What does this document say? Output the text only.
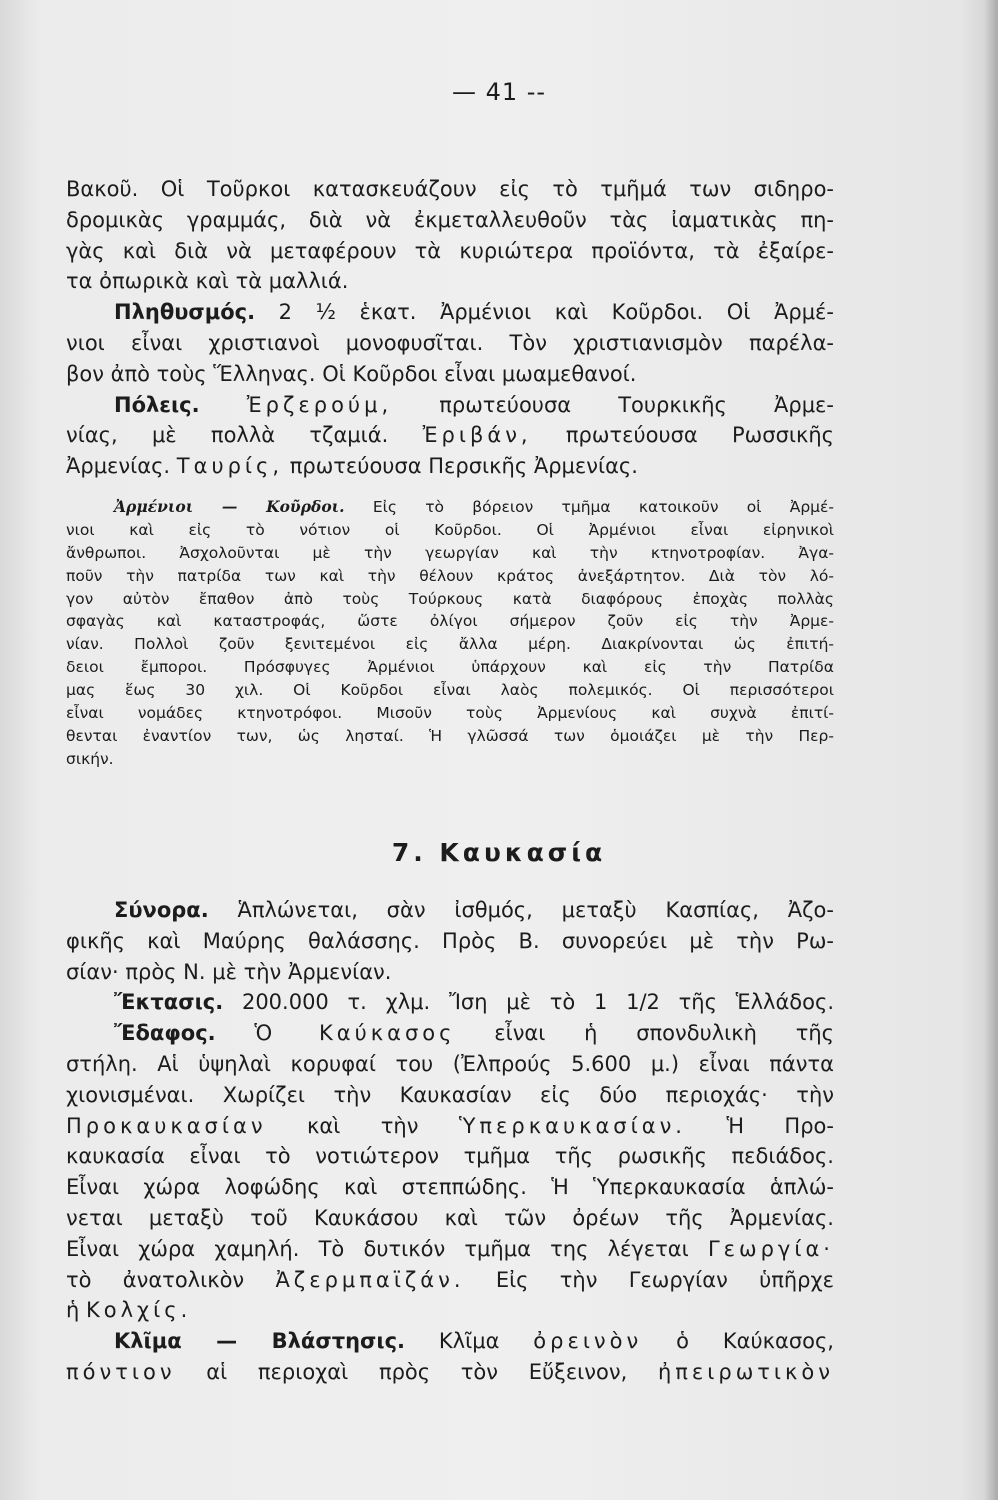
— 41 --
Βακοῦ. Οἱ Τοῦρκοι κατασκευάζουν εἰς τὸ τμῆμά των σιδηρο-
δρομικὰς γραμμάς, διὰ νὰ ἐκμεταλλευθοῦν τὰς ἰαματικὰς πη-
γὰς καὶ διὰ νὰ μεταφέρουν τὰ κυριώτερα προϊόντα, τὰ ἐξαίρε-
τα ὀπωρικὰ καὶ τὰ μαλλιά.
Πληθυσμός. 2 ½ ἑκατ. Ἀρμένιοι καὶ Κοῦρδοι. Οἱ Ἀρμέ-
νιοι εἶναι χριστιανοὶ μονοφυσῖται. Τὸν χριστιανισμὸν παρέλα-
βον ἀπὸ τοὺς Ἕλληνας. Οἱ Κοῦρδοι εἶναι μωαμεθανοί.
Πόλεις. Ἐρζερούμ, πρωτεύουσα Τουρκικῆς Ἀρμε-
νίας, μὲ πολλὰ τζαμιά. Ἐριβάν, πρωτεύουσα Ρωσσικῆς
Ἀρμενίας. Ταυρίς, πρωτεύουσα Περσικῆς Ἀρμενίας.
Ἀρμένιοι — Κοῦρδοι. Εἰς τὸ βόρειον τμῆμα κατοικοῦν οἱ Ἀρμέ-
νιοι καὶ εἰς τὸ νότιον οἱ Κοῦρδοι. Οἱ Ἀρμένιοι εἶναι εἰρηνικοὶ
ἄνθρωποι. Ἀσχολοῦνται μὲ τὴν γεωργίαν καὶ τὴν κτηνοτροφίαν. Ἀγα-
ποῦν τὴν πατρίδα των καὶ τὴν θέλουν κράτος ἀνεξάρτητον. Διὰ τὸν λό-
γον αὐτὸν ἔπαθον ἀπὸ τοὺς Τούρκους κατὰ διαφόρους ἐποχὰς πολλὰς
σφαγὰς καὶ καταστροφάς, ὥστε ὀλίγοι σήμερον ζοῦν εἰς τὴν Ἀρμε-
νίαν. Πολλοὶ ζοῦν ξενιτεμένοι εἰς ἄλλα μέρη. Διακρίνονται ὡς ἐπιτή-
δειοι ἔμποροι. Πρόσφυγες Ἀρμένιοι ὑπάρχουν καὶ εἰς τὴν Πατρίδα
μας ἕως 30 χιλ. Οἱ Κοῦρδοι εἶναι λαὸς πολεμικός. Οἱ περισσότεροι
εἶναι νομάδες κτηνοτρόφοι. Μισοῦν τοὺς Ἀρμενίους καὶ συχνὰ ἐπιτί-
θενται ἐναντίον των, ὡς λησταί. Ἡ γλῶσσά των ὁμοιάζει μὲ τὴν Περ-
σικήν.
7. Καυκασία
Σύνορα. Ἁπλώνεται, σὰν ἰσθμός, μεταξὺ Κασπίας, Ἀζο-
φικῆς καὶ Μαύρης θαλάσσης. Πρὸς Β. συνορεύει μὲ τὴν Ρω-
σίαν· πρὸς Ν. μὲ τὴν Ἀρμενίαν.
Ἔκτασις. 200.000 τ. χλμ. Ἴση μὲ τὸ 1 1/2 τῆς Ἑλλάδος.
Ἔδαφος. Ὁ Καύκασος εἶναι ἡ σπονδυλικὴ τῆς
στήλη. Αἱ ὑψηλαὶ κορυφαί του (Ἐλπρούς 5.600 μ.) εἶναι πάντα
χιονισμέναι. Χωρίζει τὴν Καυκασίαν εἰς δύο περιοχάς· τὴν
Προκαυκασίαν καὶ τὴν Ὑπερκαυκασίαν. Ἡ Προ-
καυκασία εἶναι τὸ νοτιώτερον τμῆμα τῆς ρωσικῆς πεδιάδος.
Εἶναι χώρα λοφώδης καὶ στεππώδης. Ἡ Ὑπερκαυκασία ἁπλώ-
νεται μεταξὺ τοῦ Καυκάσου καὶ τῶν ὀρέων τῆς Ἀρμενίας.
Εἶναι χώρα χαμηλή. Τὸ δυτικόν τμῆμα της λέγεται Γεωργία·
τὸ ἀνατολικὸν Ἀζερμπαϊζάν. Εἰς τὴν Γεωργίαν ὑπῆρχε
ἡ Κολχίς.
Κλῖμα — Βλάστησις. Κλῖμα ὀρεινὸν ὁ Καύκασος,
πόντιον αἱ περιοχαὶ πρὸς τὸν Εὔξεινον, ἠπειρωτικὸν
